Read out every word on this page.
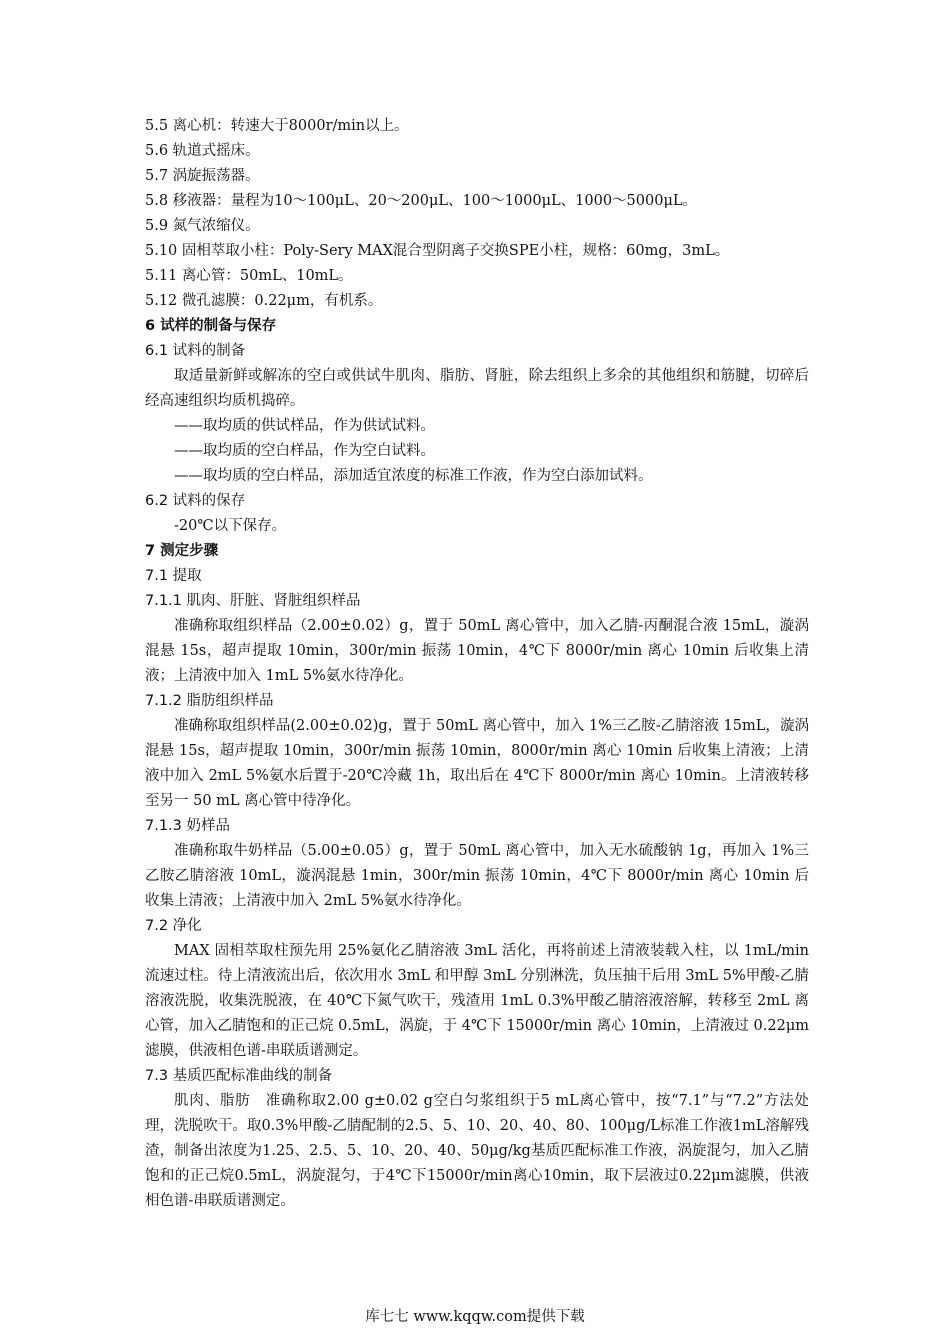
5.5 离心机：转速大于8000r/min以上。
5.6 轨道式摇床。
5.7 涡旋振荡器。
5.8 移液器：量程为10～100μL、20～200μL、100～1000μL、1000～5000μL。
5.9 氮气浓缩仪。
5.10 固相萃取小柱：Poly-Sery MAX混合型阴离子交换SPE小柱，规格：60mg，3mL。
5.11 离心管：50mL、10mL。
5.12 微孔滤膜：0.22μm，有机系。
6 试样的制备与保存
6.1 试料的制备

取适量新鲜或解冻的空白或供试牛肌肉、脂肪、肾脏，除去组织上多余的其他组织和筋腱，切碎后经高速组织均质机捣碎。

——取均质的供试样品，作为供试试料。
——取均质的空白样品，作为空白试料。
——取均质的空白样品，添加适宜浓度的标准工作液，作为空白添加试料。
6.2 试料的保存
-20℃以下保存。
7 测定步骤
7.1 提取
7.1.1 肌肉、肝脏、肾脏组织样品

准确称取组织样品（2.00±0.02）g，置于 50mL 离心管中，加入乙腈-丙酮混合液 15mL，漩涡混悬 15s，超声提取 10min，300r/min 振荡 10min，4℃下 8000r/min 离心 10min 后收集上清液；上清液中加入 1mL 5%氨水待净化。

7.1.2 脂肪组织样品

准确称取组织样品(2.00±0.02)g，置于 50mL 离心管中，加入 1%三乙胺-乙腈溶液 15mL，漩涡混悬 15s，超声提取 10min，300r/min 振荡 10min，8000r/min 离心 10min 后收集上清液；上清液中加入 2mL 5%氨水后置于-20℃冷藏 1h，取出后在 4℃下 8000r/min 离心 10min。上清液转移至另一 50 mL 离心管中待净化。

7.1.3 奶样品

准确称取牛奶样品（5.00±0.05）g，置于 50mL 离心管中，加入无水硫酸钠 1g，再加入 1%三乙胺乙腈溶液 10mL，漩涡混悬 1min，300r/min 振荡 10min，4℃下 8000r/min 离心 10min 后收集上清液；上清液中加入 2mL 5%氨水待净化。

7.2 净化

MAX 固相萃取柱预先用 25%氨化乙腈溶液 3mL 活化，再将前述上清液装载入柱，以 1mL/min 流速过柱。待上清液流出后，依次用水 3mL 和甲醇 3mL 分别淋洗，负压抽干后用 3mL 5%甲酸-乙腈溶液洗脱，收集洗脱液，在 40℃下氮气吹干，残渣用 1mL 0.3%甲酸乙腈溶液溶解，转移至 2mL 离心管，加入乙腈饱和的正己烷 0.5mL，涡旋，于 4℃下 15000r/min 离心 10min，上清液过 0.22μm 滤膜，供液相色谱-串联质谱测定。

7.3 基质匹配标准曲线的制备

肌肉、脂肪　准确称取2.00 g±0.02 g空白匀浆组织于5 mL离心管中，按“7.1”与“7.2”方法处理，洗脱吹干。取0.3%甲酸-乙腈配制的2.5、5、10、20、40、80、100μg/L标准工作液1mL溶解残渣，制备出浓度为1.25、2.5、5、10、20、40、50μg/kg基质匹配标准工作液，涡旋混匀，加入乙腈饱和的正己烷0.5mL，涡旋混匀，于4℃下15000r/min离心10min，取下层液过0.22μm滤膜，供液相色谱-串联质谱测定。

库七七 www.kqqw.com提供下载
